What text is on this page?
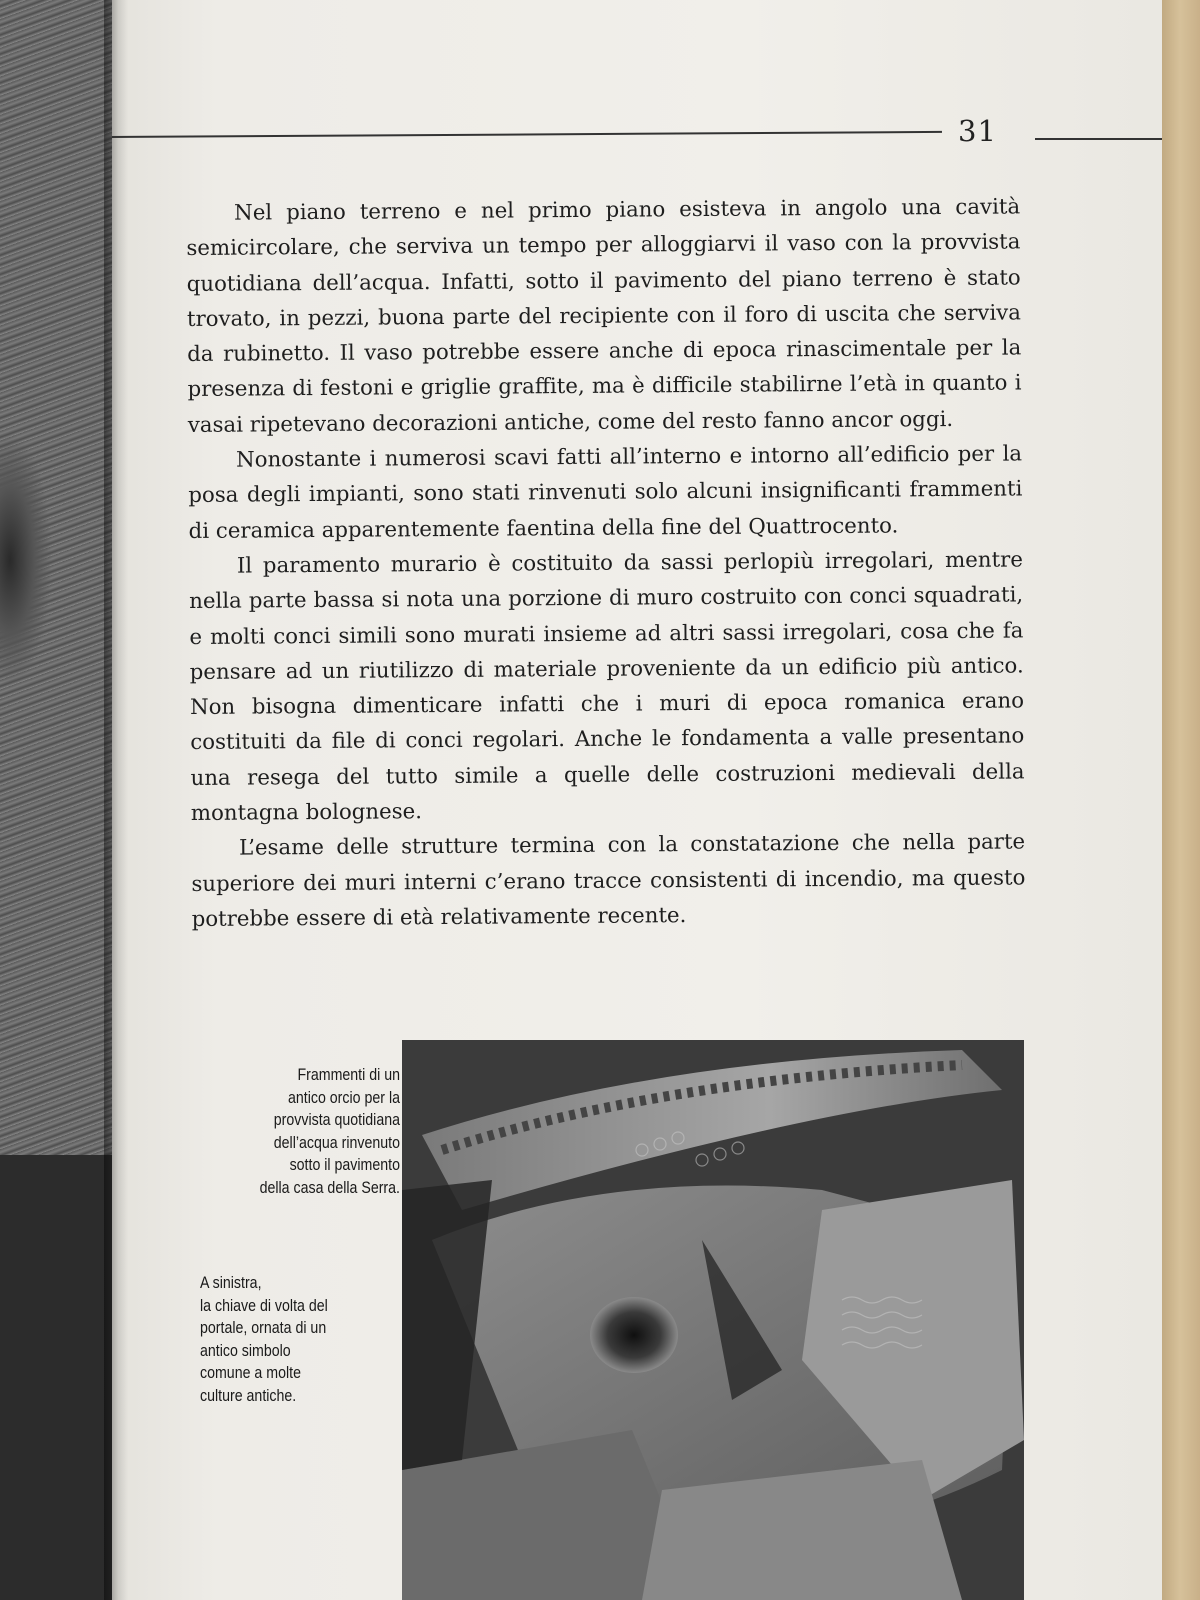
31

Nel piano terreno e nel primo piano esisteva in angolo una cavità semicircolare, che serviva un tempo per alloggiarvi il vaso con la provvista quotidiana dell’acqua. Infatti, sotto il pavimento del piano terreno è stato trovato, in pezzi, buona parte del recipiente con il foro di uscita che serviva da rubinetto. Il vaso potrebbe essere anche di epoca rinascimentale per la presenza di festoni e griglie graffite, ma è difficile stabilirne l’età in quanto i vasai ripetevano decorazioni antiche, come del resto fanno ancor oggi.

Nonostante i numerosi scavi fatti all’interno e intorno all’edificio per la posa degli impianti, sono stati rinvenuti solo alcuni insignificanti frammenti di ceramica apparentemente faentina della fine del Quattrocento.

Il paramento murario è costituito da sassi perlopiù irregolari, mentre nella parte bassa si nota una porzione di muro costruito con conci squadrati, e molti conci simili sono murati insieme ad altri sassi irregolari, cosa che fa pensare ad un riutilizzo di materiale proveniente da un edificio più antico. Non bisogna dimenticare infatti che i muri di epoca romanica erano costituiti da file di conci regolari. Anche le fondamenta a valle presentano una resega del tutto simile a quelle delle costruzioni medievali della montagna bolognese.

L’esame delle strutture termina con la constatazione che nella parte superiore dei muri interni c’erano tracce consistenti di incendio, ma questo potrebbe essere di età relativamente recente.

Frammenti di un
antico orcio per la
provvista quotidiana
dell’acqua rinvenuto
sotto il pavimento
della casa della Serra.
A sinistra,
la chiave di volta del
portale, ornata di un
antico simbolo
comune a molte
culture antiche.
